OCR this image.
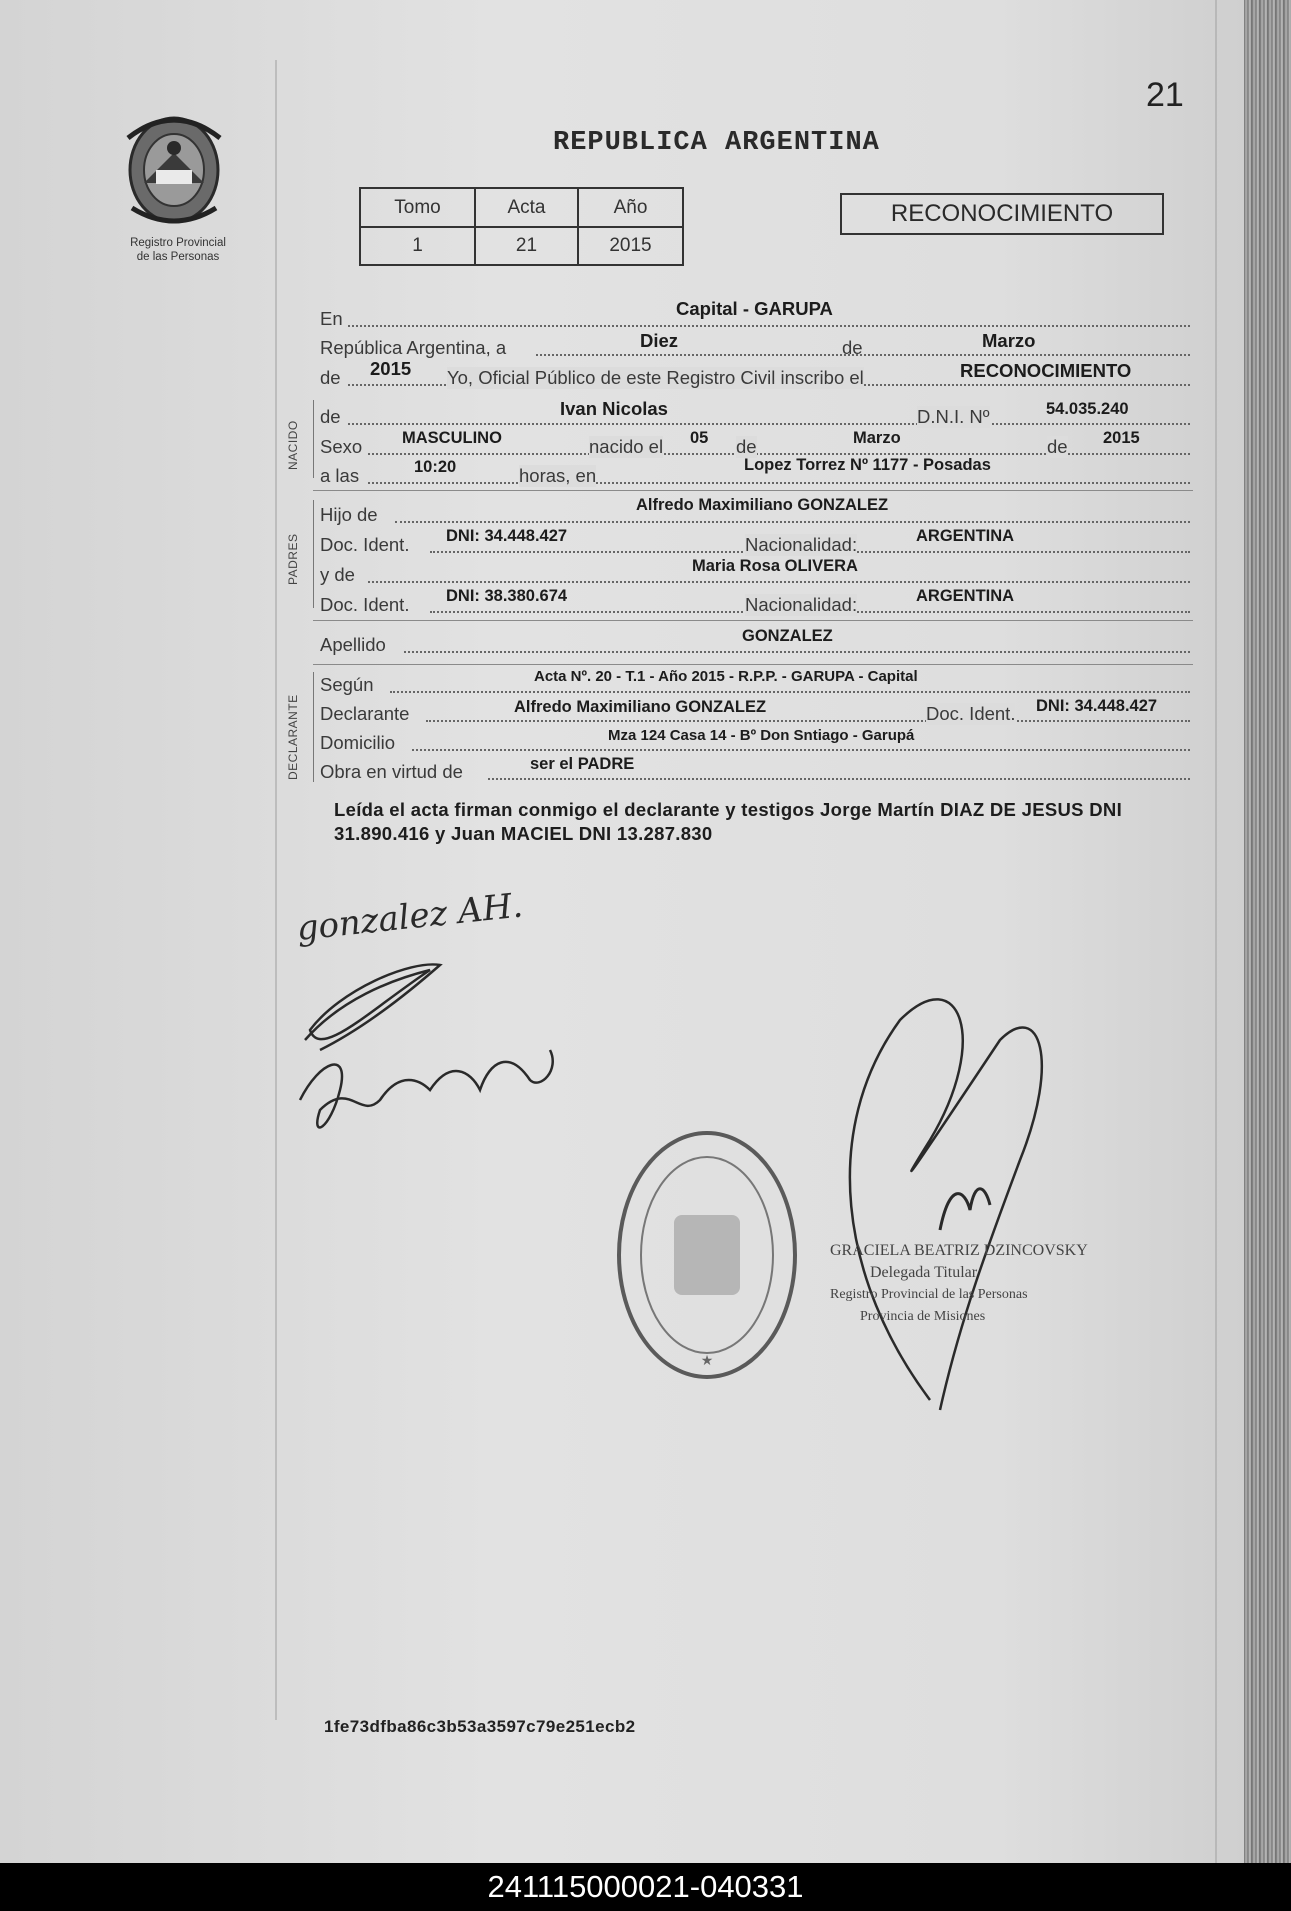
21
REPUBLICA ARGENTINA
Registro Provincial
de las Personas
Tomo	Acta	Año
1	21	2015
RECONOCIMIENTO
En	Capital - GARUPA
República Argentina, a	Diez	de	Marzo
de 2015 Yo, Oficial Público de este Registro Civil inscribo el	RECONOCIMIENTO
NACIDO
de	Ivan Nicolas	D.N.I. Nº	54.035.240
Sexo MASCULINO	nacido el 05 de	Marzo	de 2015
a las	10:20	horas, en	Lopez Torrez Nº 1177 - Posadas
PADRES
Hijo de	Alfredo Maximiliano GONZALEZ
Doc. Ident. DNI: 34.448.427	Nacionalidad:	ARGENTINA
y de	Maria Rosa OLIVERA
Doc. Ident. DNI: 38.380.674	Nacionalidad:	ARGENTINA
Apellido	GONZALEZ
DECLARANTE
Según	Acta Nº. 20 - T.1 - Año 2015 - R.P.P. - GARUPA - Capital
Declarante	Alfredo Maximiliano GONZALEZ	Doc. Ident. DNI: 34.448.427
Domicilio	Mza 124 Casa 14 - Bº Don Sntiago - Garupá
Obra en virtud de	ser el PADRE
Leída el acta firman conmigo el declarante y testigos Jorge Martín DIAZ DE JESUS DNI 31.890.416 y Juan MACIEL DNI 13.287.830
gonzalez AH.
★
GRACIELA BEATRIZ DZINCOVSKY
Delegada Titular
Registro Provincial de las Personas
Provincia de Misiones
1fe73dfba86c3b53a3597c79e251ecb2
241115000021-040331
